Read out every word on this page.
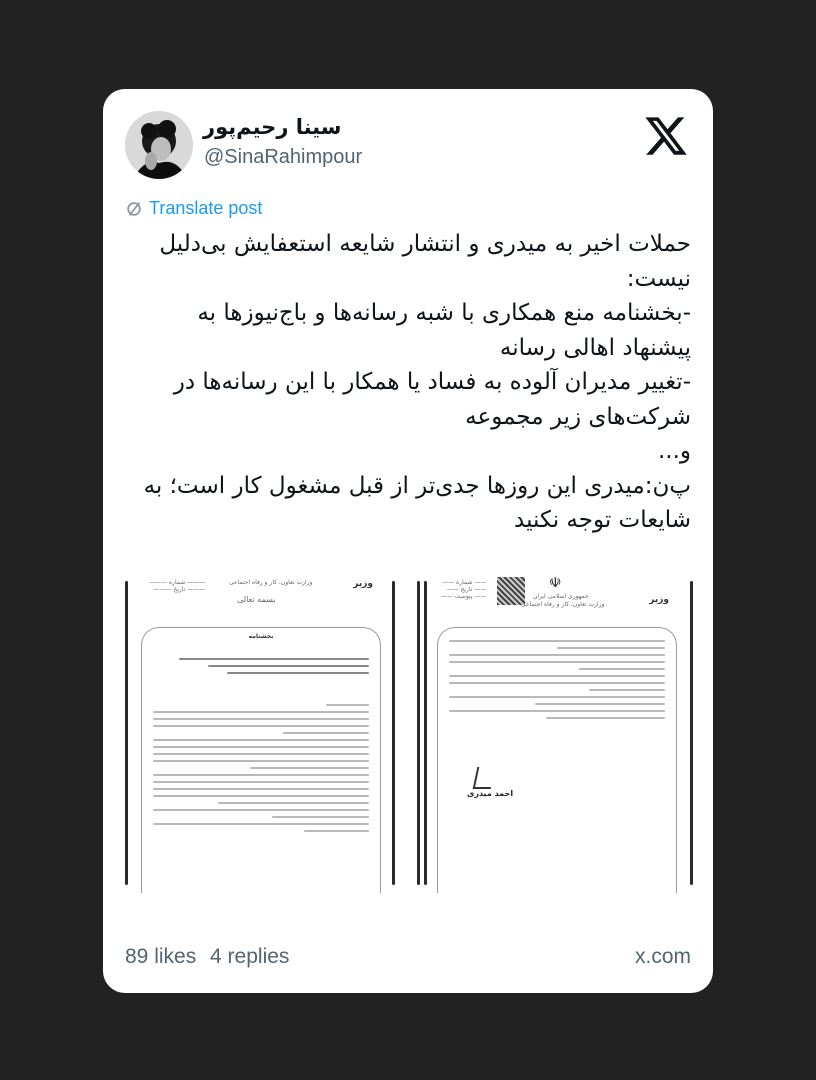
سینا رحیم‌پور
@SinaRahimpour
Translate post

حملات اخیر به میدری و انتشار شایعه استعفایش بی‌دلیل نیست:

-بخشنامه منع همکاری با شبه رسانه‌ها و باج‌نیوزها به پیشنهاد اهالی رسانه

-تغییر مدیران آلوده به فساد یا همکار با این رسانه‌ها در شرکت‌های زیر مجموعه

و...

پ‌ن:میدری این روزها جدی‌تر از قبل مشغول کار است؛ به شایعات توجه نکنید

——— شماره ———
——— تاریخ ———
وزارت تعاون، کار و رفاه اجتماعی	وزیر
بسمه تعالی
بخشنامه
—— شماره ——
—— تاریخ ——
—— پیوست ——
☫
جمهوری اسلامی ایران
وزارت تعاون، کار و رفاه اجتماعی	وزیر
احمد میدری
89 likes 4 replies	x.com
